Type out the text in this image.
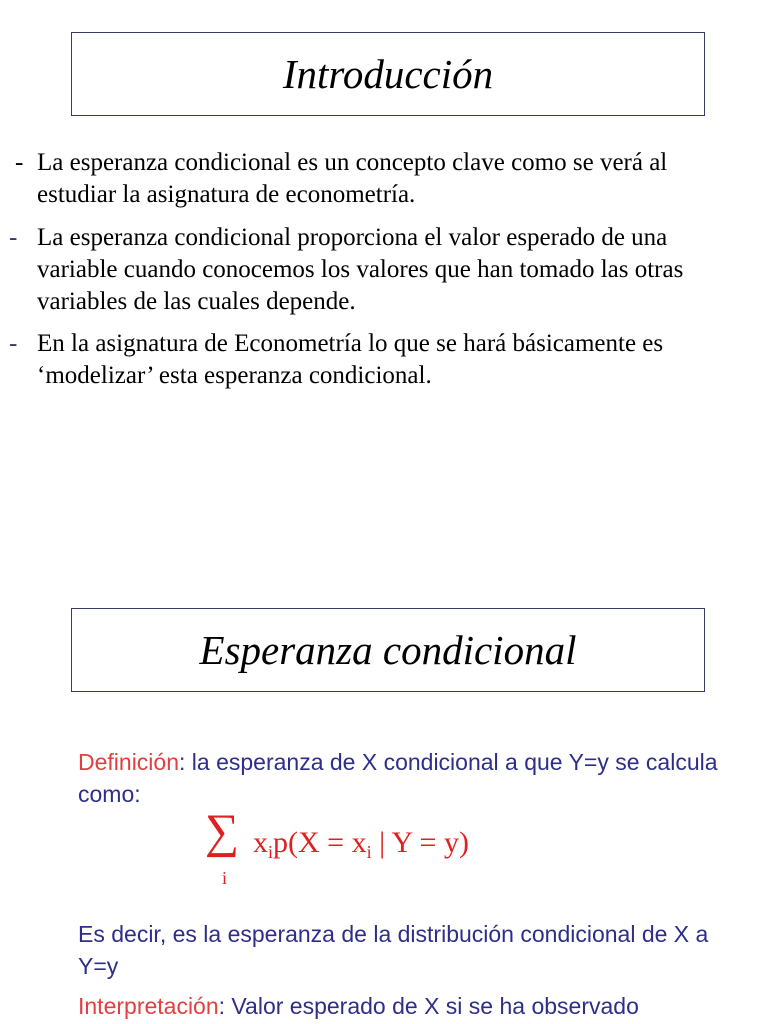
Introducción
- La esperanza condicional es un concepto clave como se verá al estudiar la asignatura de econometría.
- La esperanza condicional proporciona el valor esperado de una variable cuando conocemos los valores que han tomado las otras variables de las cuales depende.
- En la asignatura de Econometría lo que se hará básicamente es ‘modelizar’ esta esperanza condicional.
Esperanza condicional
Definición: la esperanza de X condicional a que Y=y se calcula como:
∑
i
$x_ip(X = x_i$ | Y = y)
Es decir, es la esperanza de la distribución condicional de X a Y=y
Interpretación: Valor esperado de X si se ha observado
